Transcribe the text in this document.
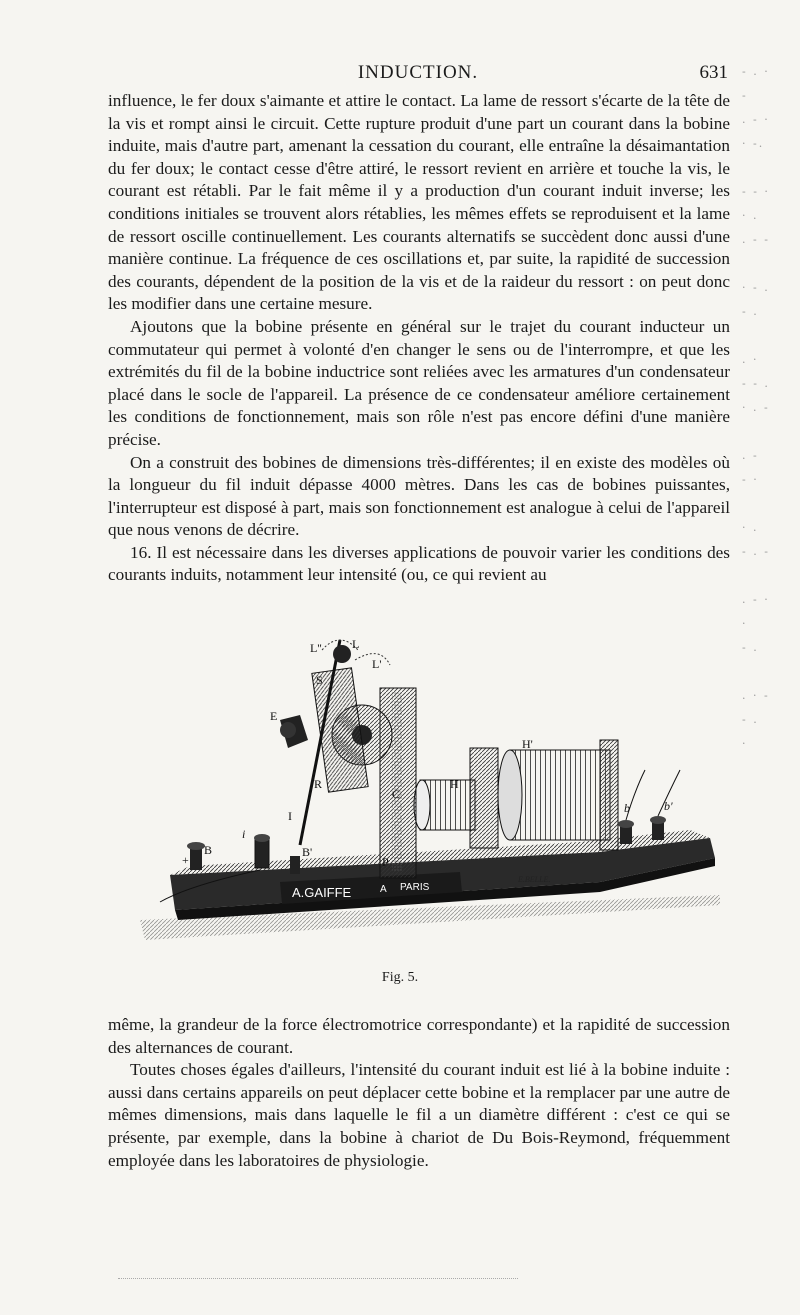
INDUCTION.	631

influence, le fer doux s'aimante et attire le contact. La lame de ressort s'écarte de la tête de la vis et rompt ainsi le circuit. Cette rupture produit d'une part un courant dans la bobine induite, mais d'autre part, amenant la cessation du courant, elle entraîne la désaimantation du fer doux; le contact cesse d'être attiré, le ressort revient en arrière et touche la vis, le courant est rétabli. Par le fait même il y a production d'un courant induit inverse; les conditions initiales se trouvent alors rétablies, les mêmes effets se reproduisent et la lame de ressort oscille continuellement. Les courants alternatifs se succèdent donc aussi d'une manière continue. La fréquence de ces oscillations et, par suite, la rapidité de succession des courants, dépendent de la position de la vis et de la raideur du ressort : on peut donc les modifier dans une certaine mesure.

Ajoutons que la bobine présente en général sur le trajet du courant inducteur un commutateur qui permet à volonté d'en changer le sens ou de l'interrompre, et que les extrémités du fil de la bobine inductrice sont reliées avec les armatures d'un condensateur placé dans le socle de l'appareil. La présence de ce condensateur améliore certainement les conditions de fonctionnement, mais son rôle n'est pas encore défini d'une manière précise.

On a construit des bobines de dimensions très-différentes; il en existe des modèles où la longueur du fil induit dépasse 4000 mètres. Dans les cas de bobines puissantes, l'interrupteur est disposé à part, mais son fonctionnement est analogue à celui de l'appareil que nous venons de décrire.

16. Il est nécessaire dans les diverses applications de pouvoir varier les conditions des courants induits, notamment leur intensité (ou, ce qui revient au

A.GAIFFE	A PARIS
E.BELLE.
L''	L
L'
S
E
R
I
C
H
H'
i
B
+
B'
P
b	b'
Fig. 5.

même, la grandeur de la force électromotrice correspondante) et la rapidité de succession des alternances de courant.

Toutes choses égales d'ailleurs, l'intensité du courant induit est lié à la bobine induite : aussi dans certains appareils on peut déplacer cette bobine et la remplacer par une autre de mêmes dimensions, mais dans laquelle le fil a un diamètre différent : c'est ce qui se présente, par exemple, dans la bobine à chariot de Du Bois-Reymond, fréquemment employée dans les laboratoires de physiologie.

- . · -
. - ·
· -.

- - ·
· .
. - -

· - .
- .

. ·
- - .
· . -

. -
- ·

· .
- . -

. - ·
·
- .

. · -
- .
·
